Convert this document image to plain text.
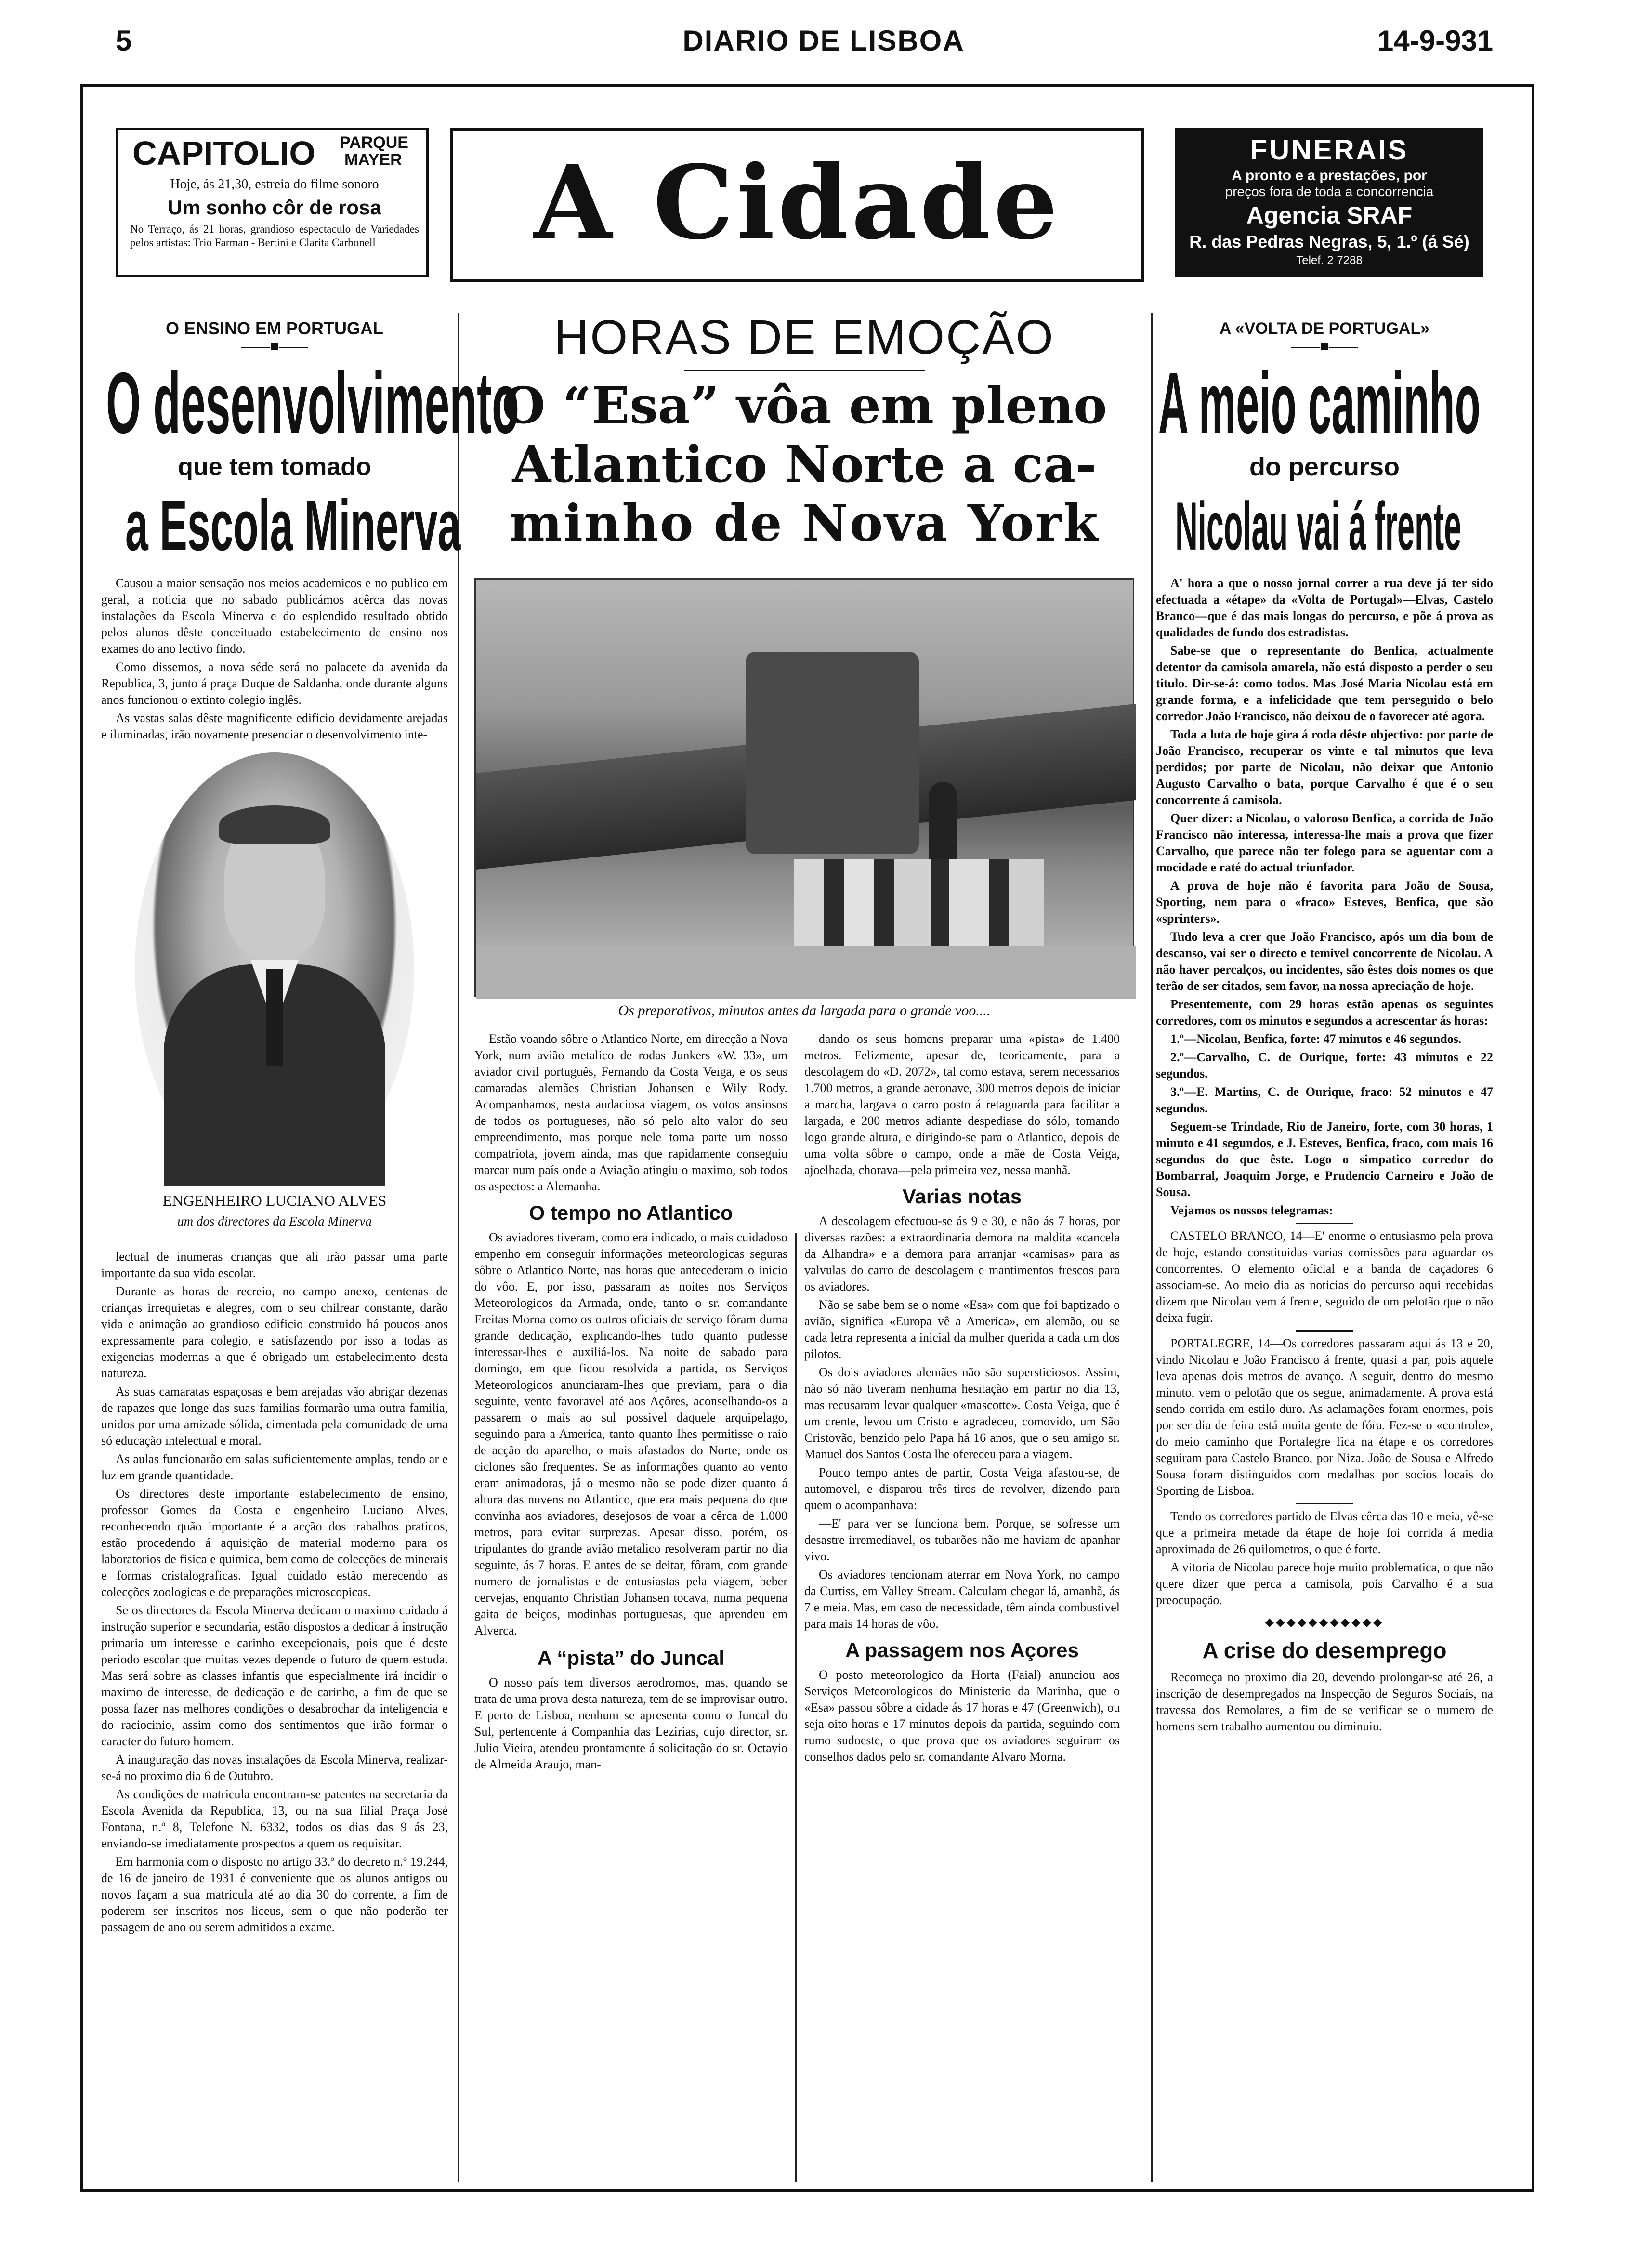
5	DIARIO DE LISBOA	14-9-931
CAPITOLIO PARQUE
MAYER
Hoje, ás 21,30, estreia do filme sonoro
Um sonho côr de rosa
No Terraço, ás 21 horas, grandioso espectaculo de Variedades pelos artistas: Trio Farman - Bertini e Clarita Carbonell	A Cidade	FUNERAIS
A pronto e a prestações, por
preços fora de toda a concorrencia
Agencia SRAF
R. das Pedras Negras, 5, 1.º (á Sé)
Telef. 2 7288
O ENSINO EM PORTUGAL
——■——
O desenvolvimento
que tem tomado
a Escola Minerva

Causou a maior sensação nos meios academicos e no publico em geral, a noticia que no sabado publicámos acêrca das novas instalações da Escola Minerva e do esplendido resultado obtido pelos alunos dêste conceituado estabelecimento de ensino nos exames do ano lectivo findo.

Como dissemos, a nova séde será no palacete da avenida da Republica, 3, junto á praça Duque de Saldanha, onde durante alguns anos funcionou o extinto colegio inglês.

As vastas salas dêste magnificente edificio devidamente arejadas e iluminadas, irão novamente presenciar o desenvolvimento inte-

ENGENHEIRO LUCIANO ALVES
um dos directores da Escola Minerva

lectual de inumeras crianças que ali irão passar uma parte importante da sua vida escolar.

Durante as horas de recreio, no campo anexo, centenas de crianças irrequietas e alegres, com o seu chilrear constante, darão vida e animação ao grandioso edificio construido há poucos anos expressamente para colegio, e satisfazendo por isso a todas as exigencias modernas a que é obrigado um estabelecimento desta natureza.

As suas camaratas espaçosas e bem arejadas vão abrigar dezenas de rapazes que longe das suas familias formarão uma outra familia, unidos por uma amizade sólida, cimentada pela comunidade de uma só educação intelectual e moral.

As aulas funcionarão em salas suficientemente amplas, tendo ar e luz em grande quantidade.

Os directores deste importante estabelecimento de ensino, professor Gomes da Costa e engenheiro Luciano Alves, reconhecendo quão importante é a acção dos trabalhos praticos, estão procedendo á aquisição de material moderno para os laboratorios de fisica e quimica, bem como de colecções de minerais e formas cristalograficas. Igual cuidado estão merecendo as colecções zoologicas e de preparações microscopicas.

Se os directores da Escola Minerva dedicam o maximo cuidado á instrução superior e secundaria, estão dispostos a dedicar á instrução primaria um interesse e carinho excepcionais, pois que é deste periodo escolar que muitas vezes depende o futuro de quem estuda. Mas será sobre as classes infantis que especialmente irá incidir o maximo de interesse, de dedicação e de carinho, a fim de que se possa fazer nas melhores condições o desabrochar da inteligencia e do raciocinio, assim como dos sentimentos que irão formar o caracter do futuro homem.

A inauguração das novas instalações da Escola Minerva, realizar-se-á no proximo dia 6 de Outubro.

As condições de matricula encontram-se patentes na secretaria da Escola Avenida da Republica, 13, ou na sua filial Praça José Fontana, n.º 8, Telefone N. 6332, todos os dias das 9 ás 23, enviando-se imediatamente prospectos a quem os requisitar.

Em harmonia com o disposto no artigo 33.º do decreto n.º 19.244, de 16 de janeiro de 1931 é conveniente que os alunos antigos ou novos façam a sua matricula até ao dia 30 do corrente, a fim de poderem ser inscritos nos liceus, sem o que não poderão ter passagem de ano ou serem admitidos a exame.

HORAS DE EMOÇÃO
O “Esa” vôa em pleno
Atlantico Norte a ca-
minho de Nova York
Os preparativos, minutos antes da largada para o grande voo....

Estão voando sôbre o Atlantico Norte, em direcção a Nova York, num avião metalico de rodas Junkers «W. 33», um aviador civil português, Fernando da Costa Veiga, e os seus camaradas alemães Christian Johansen e Wily Rody. Acompanhamos, nesta audaciosa viagem, os votos ansiosos de todos os portugueses, não só pelo alto valor do seu empreendimento, mas porque nele toma parte um nosso compatriota, jovem ainda, mas que rapidamente conseguiu marcar num país onde a Aviação atingiu o maximo, sob todos os aspectos: a Alemanha.

O tempo no Atlantico

Os aviadores tiveram, como era indicado, o mais cuidadoso empenho em conseguir informações meteorologicas seguras sôbre o Atlantico Norte, nas horas que antecederam o inicio do vôo. E, por isso, passaram as noites nos Serviços Meteorologicos da Armada, onde, tanto o sr. comandante Freitas Morna como os outros oficiais de serviço fôram duma grande dedicação, explicando-lhes tudo quanto pudesse interessar-lhes e auxiliá-los. Na noite de sabado para domingo, em que ficou resolvida a partida, os Serviços Meteorologicos anunciaram-lhes que previam, para o dia seguinte, vento favoravel até aos Açôres, aconselhando-os a passarem o mais ao sul possivel daquele arquipelago, seguindo para a America, tanto quanto lhes permitisse o raio de acção do aparelho, o mais afastados do Norte, onde os ciclones são frequentes. Se as informações quanto ao vento eram animadoras, já o mesmo não se pode dizer quanto á altura das nuvens no Atlantico, que era mais pequena do que convinha aos aviadores, desejosos de voar a cêrca de 1.000 metros, para evitar surprezas. Apesar disso, porém, os tripulantes do grande avião metalico resolveram partir no dia seguinte, ás 7 horas. E antes de se deitar, fôram, com grande numero de jornalistas e de entusiastas pela viagem, beber cervejas, enquanto Christian Johansen tocava, numa pequena gaita de beiços, modinhas portuguesas, que aprendeu em Alverca.

A “pista” do Juncal

O nosso país tem diversos aerodromos, mas, quando se trata de uma prova desta natureza, tem de se improvisar outro. E perto de Lisboa, nenhum se apresenta como o Juncal do Sul, pertencente á Companhia das Lezirias, cujo director, sr. Julio Vieira, atendeu prontamente á solicitação do sr. Octavio de Almeida Araujo, man-

dando os seus homens preparar uma «pista» de 1.400 metros. Felizmente, apesar de, teoricamente, para a descolagem do «D. 2072», tal como estava, serem necessarios 1.700 metros, a grande aeronave, 300 metros depois de iniciar a marcha, largava o carro posto á retaguarda para facilitar a largada, e 200 metros adiante despediase do sólo, tomando logo grande altura, e dirigindo-se para o Atlantico, depois de uma volta sôbre o campo, onde a mãe de Costa Veiga, ajoelhada, chorava—pela primeira vez, nessa manhã.

Varias notas

A descolagem efectuou-se ás 9 e 30, e não ás 7 horas, por diversas razões: a extraordinaria demora na maldita «cancela da Alhandra» e a demora para arranjar «camisas» para as valvulas do carro de descolagem e mantimentos frescos para os aviadores.

Não se sabe bem se o nome «Esa» com que foi baptizado o avião, significa «Europa vê a America», em alemão, ou se cada letra representa a inicial da mulher querida a cada um dos pilotos.

Os dois aviadores alemães não são supersticiosos. Assim, não só não tiveram nenhuma hesitação em partir no dia 13, mas recusaram levar qualquer «mascotte». Costa Veiga, que é um crente, levou um Cristo e agradeceu, comovido, um São Cristovão, benzido pelo Papa há 16 anos, que o seu amigo sr. Manuel dos Santos Costa lhe ofereceu para a viagem.

Pouco tempo antes de partir, Costa Veiga afastou-se, de automovel, e disparou três tiros de revolver, dizendo para quem o acompanhava:

—E' para ver se funciona bem. Porque, se sofresse um desastre irremediavel, os tubarões não me haviam de apanhar vivo.

Os aviadores tencionam aterrar em Nova York, no campo da Curtiss, em Valley Stream. Calculam chegar lá, amanhã, ás 7 e meia. Mas, em caso de necessidade, têm ainda combustivel para mais 14 horas de vôo.

A passagem nos Açores

O posto meteorologico da Horta (Faial) anunciou aos Serviços Meteorologicos do Ministerio da Marinha, que o «Esa» passou sôbre a cidade ás 17 horas e 47 (Greenwich), ou seja oito horas e 17 minutos depois da partida, seguindo com rumo sudoeste, o que prova que os aviadores seguiram os conselhos dados pelo sr. comandante Alvaro Morna.

A «VOLTA DE PORTUGAL»
——■——
A meio caminho
do percurso
Nicolau vai á frente

A' hora a que o nosso jornal correr a rua deve já ter sido efectuada a «étape» da «Volta de Portugal»—Elvas, Castelo Branco—que é das mais longas do percurso, e põe á prova as qualidades de fundo dos estradistas.

Sabe-se que o representante do Benfica, actualmente detentor da camisola amarela, não está disposto a perder o seu titulo. Dir-se-á: como todos. Mas José Maria Nicolau está em grande forma, e a infelicidade que tem perseguido o belo corredor João Francisco, não deixou de o favorecer até agora.

Toda a luta de hoje gira á roda dêste objectivo: por parte de João Francisco, recuperar os vinte e tal minutos que leva perdidos; por parte de Nicolau, não deixar que Antonio Augusto Carvalho o bata, porque Carvalho é que é o seu concorrente á camisola.

Quer dizer: a Nicolau, o valoroso Benfica, a corrida de João Francisco não interessa, interessa-lhe mais a prova que fizer Carvalho, que parece não ter folego para se aguentar com a mocidade e raté do actual triunfador.

A prova de hoje não é favorita para João de Sousa, Sporting, nem para o «fraco» Esteves, Benfica, que são «sprinters».

Tudo leva a crer que João Francisco, após um dia bom de descanso, vai ser o directo e temivel concorrente de Nicolau. A não haver percalços, ou incidentes, são êstes dois nomes os que terão de ser citados, sem favor, na nossa apreciação de hoje.

Presentemente, com 29 horas estão apenas os seguintes corredores, com os minutos e segundos a acrescentar ás horas:

1.º—Nicolau, Benfica, forte: 47 minutos e 46 segundos.

2.º—Carvalho, C. de Ourique, forte: 43 minutos e 22 segundos.

3.º—E. Martins, C. de Ourique, fraco: 52 minutos e 47 segundos.

Seguem-se Trindade, Rio de Janeiro, forte, com 30 horas, 1 minuto e 41 segundos, e J. Esteves, Benfica, fraco, com mais 16 segundos do que êste. Logo o simpatico corredor do Bombarral, Joaquim Jorge, e Prudencio Carneiro e João de Sousa.

Vejamos os nossos telegramas:

CASTELO BRANCO, 14—E' enorme o entusiasmo pela prova de hoje, estando constituidas varias comissões para aguardar os concorrentes. O elemento oficial e a banda de caçadores 6 associam-se. Ao meio dia as noticias do percurso aqui recebidas dizem que Nicolau vem á frente, seguido de um pelotão que o não deixa fugir.

PORTALEGRE, 14—Os corredores passaram aqui ás 13 e 20, vindo Nicolau e João Francisco á frente, quasi a par, pois aquele leva apenas dois metros de avanço. A seguir, dentro do mesmo minuto, vem o pelotão que os segue, animadamente. A prova está sendo corrida em estilo duro. As aclamações foram enormes, pois por ser dia de feira está muita gente de fóra. Fez-se o «controle», do meio caminho que Portalegre fica na étape e os corredores seguiram para Castelo Branco, por Niza. João de Sousa e Alfredo Sousa foram distinguidos com medalhas por socios locais do Sporting de Lisboa.

Tendo os corredores partido de Elvas cêrca das 10 e meia, vê-se que a primeira metade da étape de hoje foi corrida á media aproximada de 26 quilometros, o que é forte.

A vitoria de Nicolau parece hoje muito problematica, o que não quere dizer que perca a camisola, pois Carvalho é a sua preocupação.

◆◆◆◆◆◆◆◆◆◆◆
A crise do desemprego

Recomeça no proximo dia 20, devendo prolongar-se até 26, a inscrição de desempregados na Inspecção de Seguros Sociais, na travessa dos Remolares, a fim de se verificar se o numero de homens sem trabalho aumentou ou diminuiu.
